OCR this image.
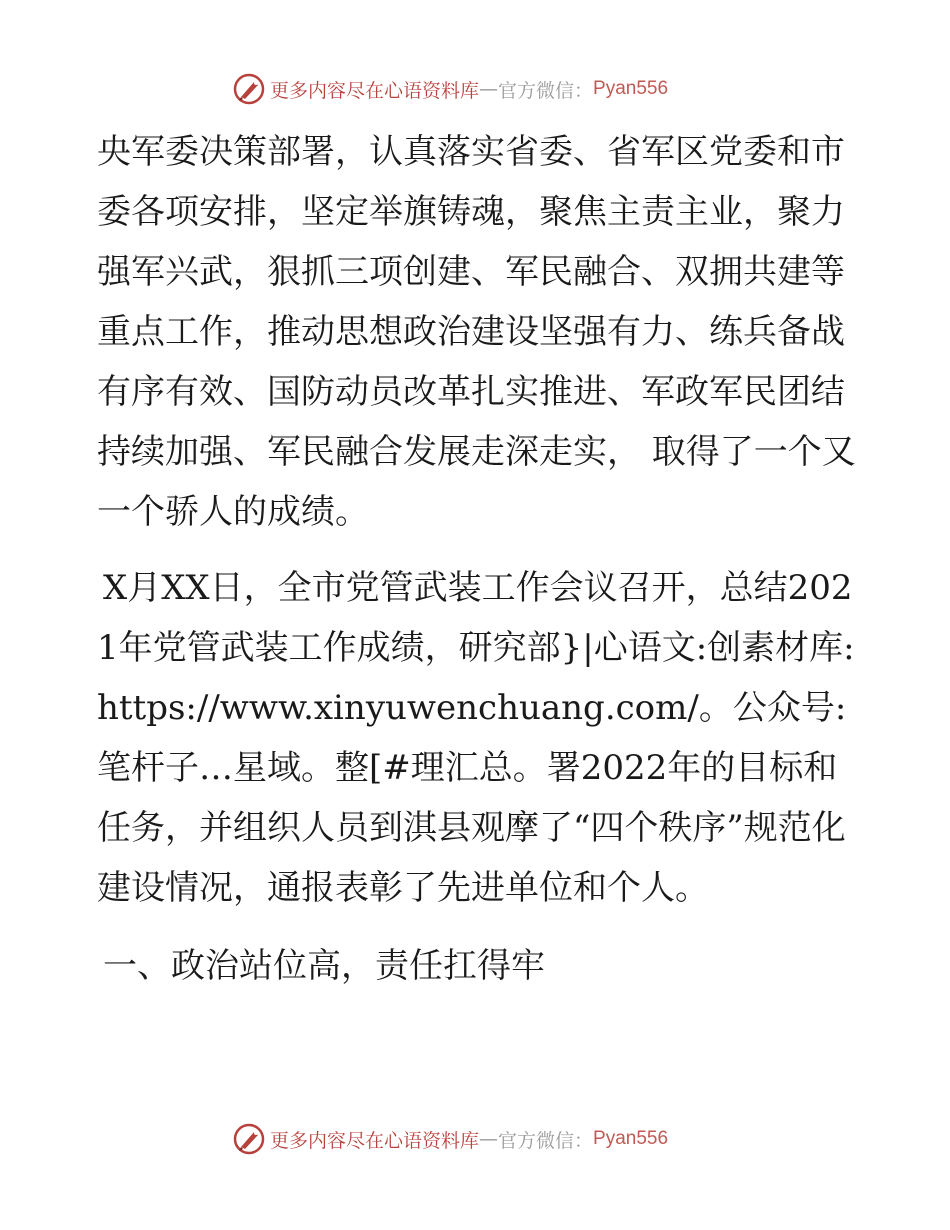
更多内容尽在心语资料库 — 官方微信： Pyan556

央军委决策部署，认真落实省委、省军区党委和市委各项安排，坚定举旗铸魂，聚焦主责主业，聚力强军兴武，狠抓三项创建、军民融合、双拥共建等重点工作，推动思想政治建设坚强有力、练兵备战有序有效、国防动员改革扎实推进、军政军民团结持续加强、军民融合发展走深走实， 取得了一个又一个骄人的成绩。

X月XX日，全市党管武装工作会议召开，总结2021年党管武装工作成绩，研究部}|心语文:创素材库: https://www.xinyuwenchuang.com/。公众号: 笔杆子…星域。整[#理汇总。署2022年的目标和任务，并组织人员到淇县观摩了“四个秩序”规范化建设情况，通报表彰了先进单位和个人。

一、政治站位高，责任扛得牢

更多内容尽在心语资料库 — 官方微信： Pyan556
